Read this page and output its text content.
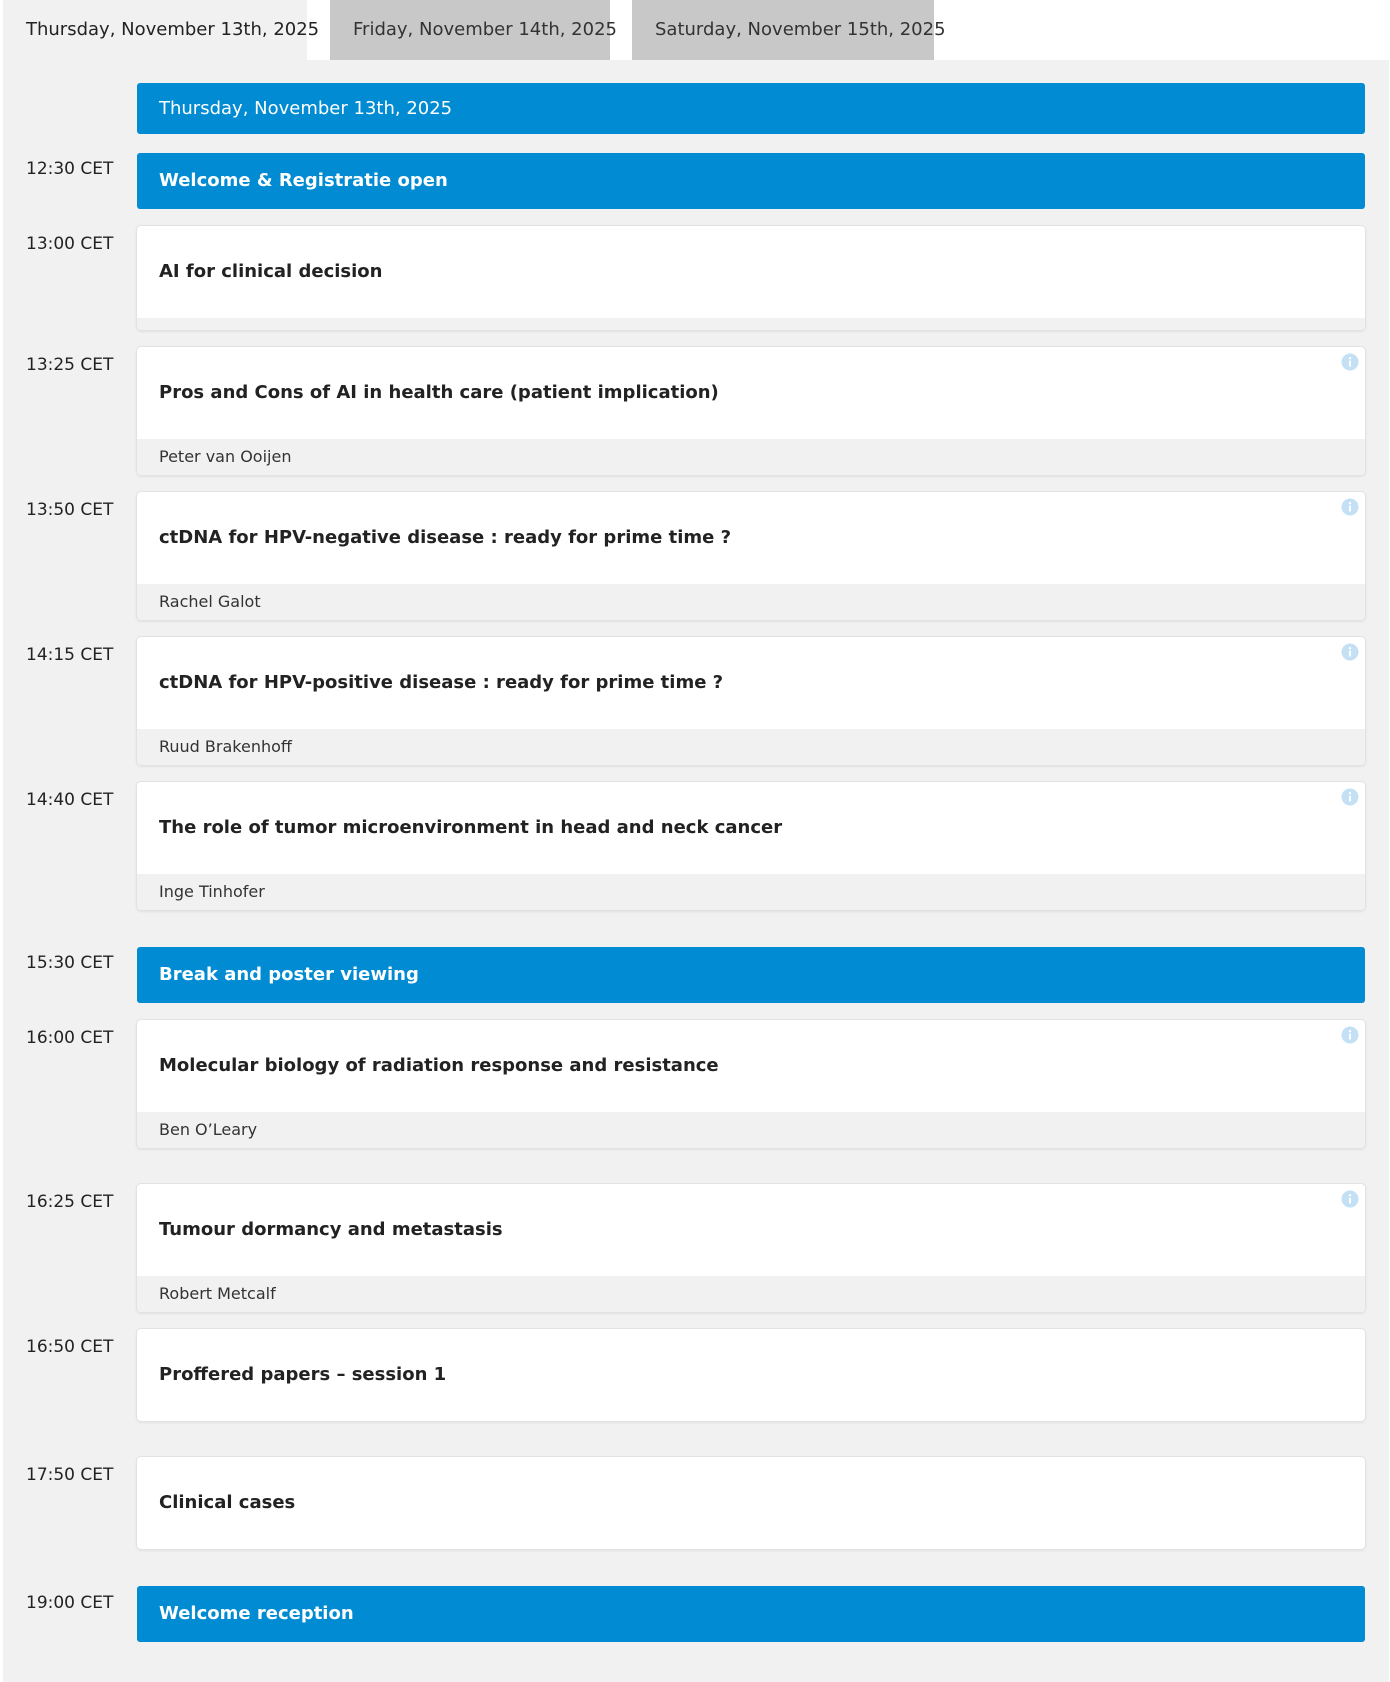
Thursday, November 13th, 2025	Friday, November 14th, 2025	Saturday, November 15th, 2025
Thursday, November 13th, 2025
12:30 CET
Welcome & Registratie open
13:00 CET
AI for clinical decision
13:25 CET
Pros and Cons of AI in health care (patient implication)
Peter van Ooijen
13:50 CET
ctDNA for HPV-negative disease : ready for prime time ?
Rachel Galot
14:15 CET
ctDNA for HPV-positive disease : ready for prime time ?
Ruud Brakenhoff
14:40 CET
The role of tumor microenvironment in head and neck cancer
Inge Tinhofer
15:30 CET
Break and poster viewing
16:00 CET
Molecular biology of radiation response and resistance
Ben O’Leary
16:25 CET
Tumour dormancy and metastasis
Robert Metcalf
16:50 CET
Proffered papers – session 1
17:50 CET
Clinical cases
19:00 CET	Welcome reception
